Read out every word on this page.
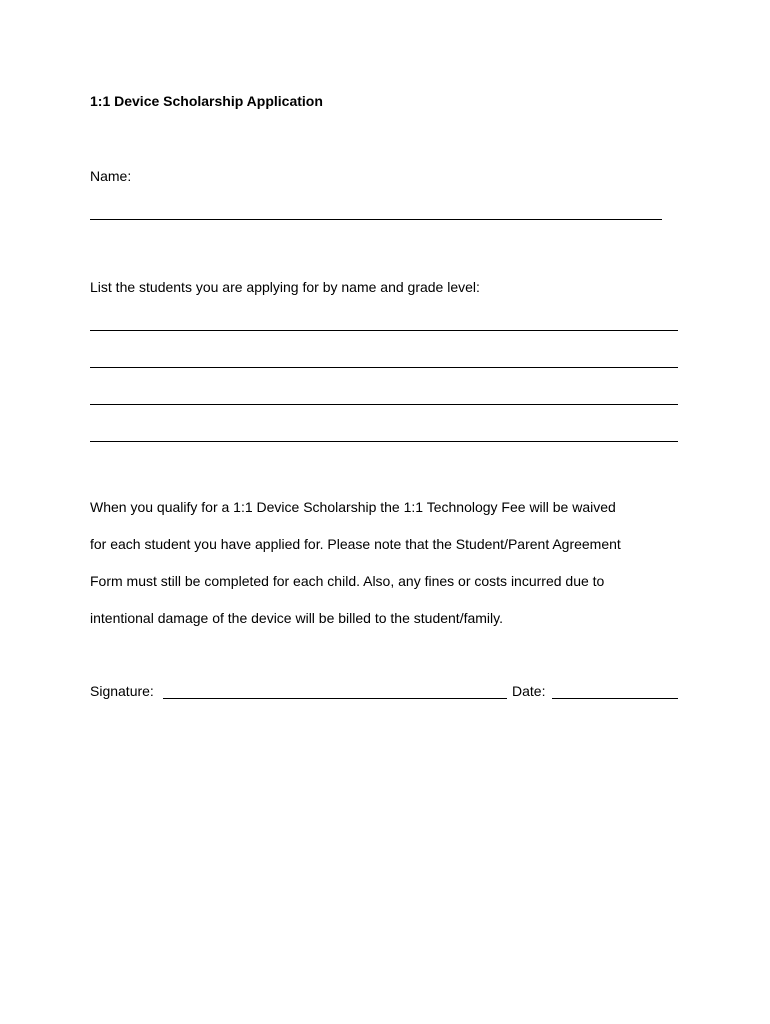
1:1 Device Scholarship Application
Name:
List the students you are applying for by name and grade level:
When you qualify for a 1:1 Device Scholarship the 1:1 Technology Fee will be waived
for each student you have applied for. Please note that the Student/Parent Agreement
Form must still be completed for each child. Also, any fines or costs incurred due to
intentional damage of the device will be billed to the student/family.
Signature:	Date:
